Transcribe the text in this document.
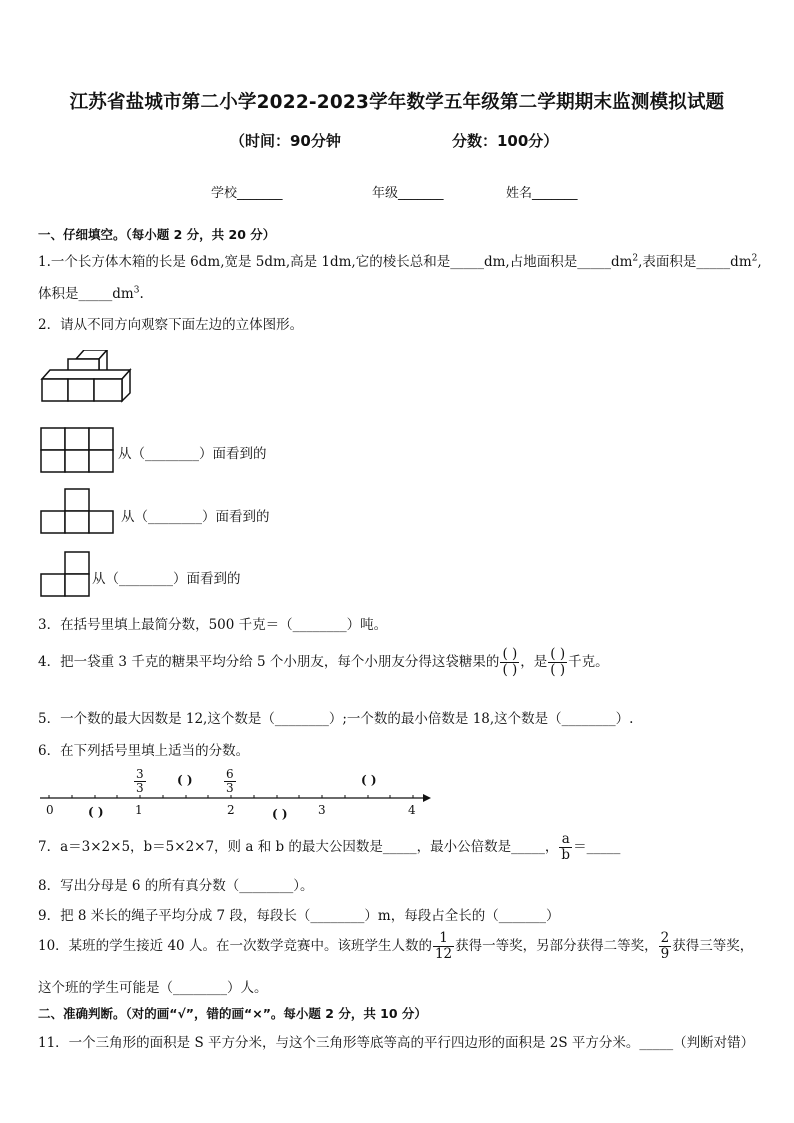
江苏省盐城市第二小学2022-2023学年数学五年级第二学期期末监测模拟试题
（时间：90分钟	分数：100分）
学校_______	年级_______	姓名_______
一、仔细填空。（每小题 2 分，共 20 分）
1.一个长方体木箱的长是 6dm,宽是 5dm,高是 1dm,它的棱长总和是_____dm,占地面积是$\_\_\_\_\_dm^2$,表面积是$\_\_\_\_\_dm^2$,
体积是$\_\_\_\_\_dm^3$.
2．请从不同方向观察下面左边的立体图形。
从（________）面看到的
从（________）面看到的
从（________）面看到的
3．在括号里填上最简分数，500 千克＝（________）吨。
4．把一袋重 3 千克的糖果平均分给 5 个小朋友，每个小朋友分得这袋糖果的 $\frac{( )}{( )}$ ，是 $\frac{( )}{( )}$ 千克。
5．一个数的最大因数是 12,这个数是（________）;一个数的最小倍数是 18,这个数是（________）.
6．在下列括号里填上适当的分数。
0	1	2	3	4
$\frac{3}{3}$	$\frac{6}{3}$
( )	( )
( )	( )
7．a＝3×2×5，b＝5×2×7，则 a 和 b 的最大公因数是_____，最小公倍数是_____， $\frac{a}{b}$ ＝_____
8．写出分母是 6 的所有真分数（________）。
9．把 8 米长的绳子平均分成 7 段，每段长（________）m，每段占全长的（_______）
10．某班的学生接近 40 人。在一次数学竞赛中。该班学生人数的 $\frac{1}{12}$ 获得一等奖，另部分获得二等奖， $\frac{2}{9}$ 获得三等奖，
这个班的学生可能是（________）人。
二、准确判断。（对的画“√”，错的画“×”。每小题 2 分，共 10 分）
11．一个三角形的面积是 S 平方分米，与这个三角形等底等高的平行四边形的面积是 2S 平方分米。_____（判断对错）
